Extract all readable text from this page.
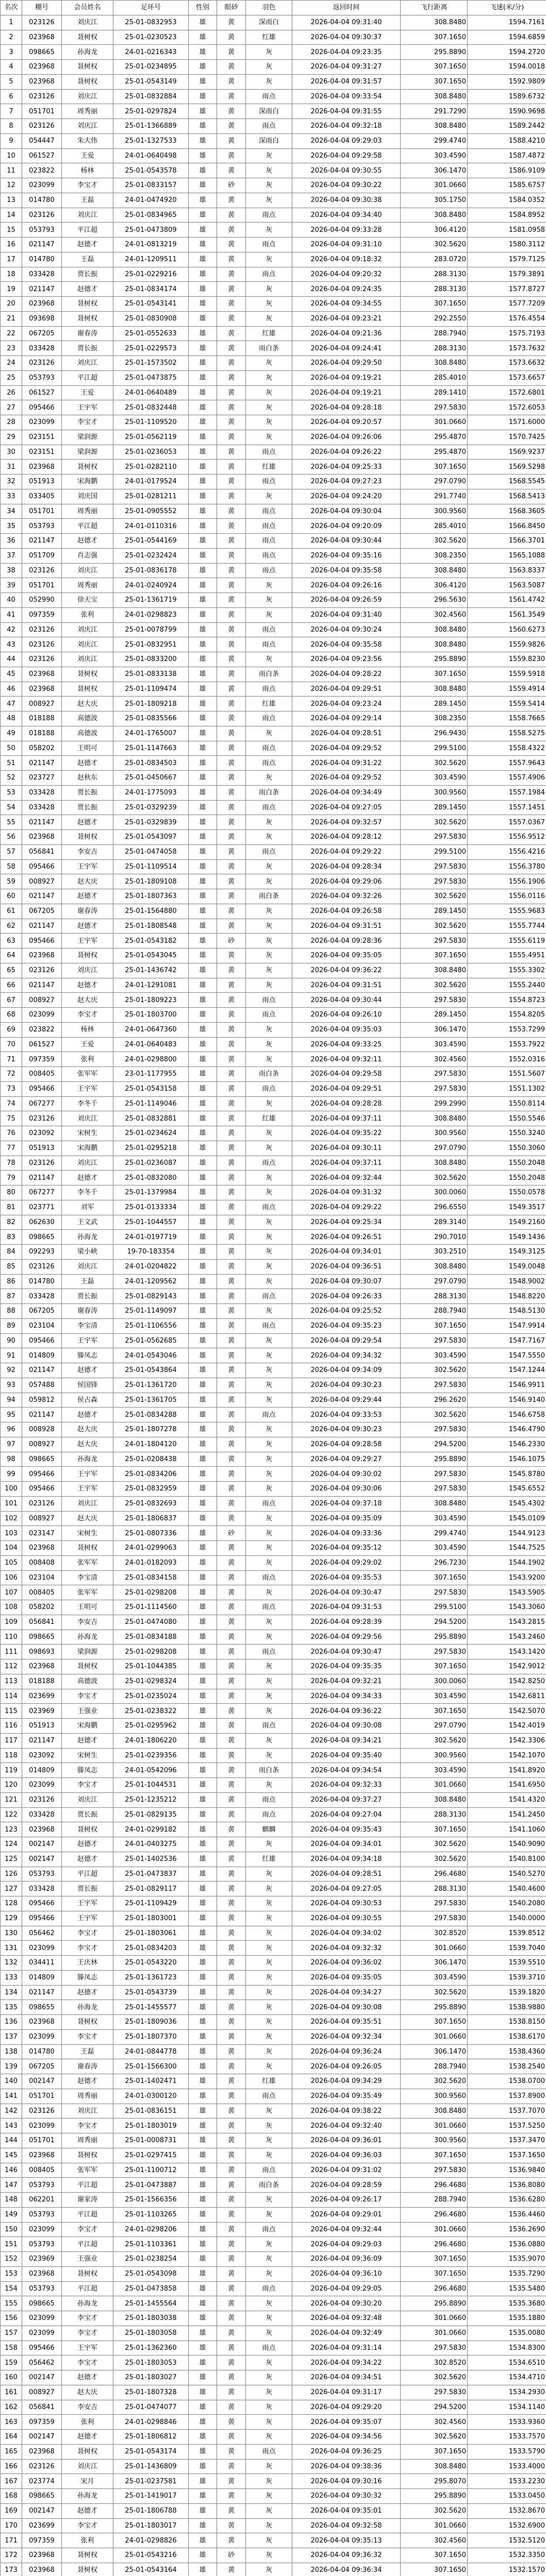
名次	棚号	会员姓名	足环号	性别	眼砂	羽色	返回时间	飞行距离	飞速(米/分)
1	023126	刘庆江	25-01-0832953	雄	黄	深雨白	2026-04-04 09:31:40	308.8480	1594.7161
2	023968	聂树权	25-01-0230523	雄	黄	红雄	2026-04-04 09:30:37	307.1650	1594.6859
3	098665	孙海龙	24-01-0216343	雄	黄	灰	2026-04-04 09:23:35	295.8890	1594.2720
4	023968	聂树权	25-01-0234895	雄	黄	灰	2026-04-04 09:31:27	307.1650	1594.0018
5	023968	聂树权	25-01-0543149	雄	黄	灰	2026-04-04 09:31:57	307.1650	1592.9809
6	023126	刘庆江	25-01-0832884	雄	黄	雨点	2026-04-04 09:33:54	308.8480	1589.6732
7	051701	周秀丽	25-01-0297824	雄	黄	深雨白	2026-04-04 09:31:55	291.7290	1590.9698
8	023126	刘庆江	25-01-1366889	雄	黄	雨点	2026-04-04 09:32:18	308.8480	1589.2442
9	054447	朱大伟	25-01-1327533	雄	黄	深雨白	2026-04-04 09:29:03	299.4740	1588.4210
10	061527	王爱	24-01-0640498	雄	黄	灰	2026-04-04 09:29:58	303.4590	1587.4872
11	023822	杨林	25-01-0543578	雄	黄	灰	2026-04-04 09:30:55	306.1470	1586.9109
12	023099	李宝才	25-01-0833157	雄	砂	灰	2026-04-04 09:30:22	301.0660	1585.6757
13	014780	王磊	24-01-0474920	雄	黄	灰	2026-04-04 09:30:38	305.1750	1584.0352
14	023126	刘庆江	25-01-0834965	雄	黄	雨点	2026-04-04 09:34:40	308.8480	1584.8952
15	053793	平江超	25-01-0473809	雄	黄	灰	2026-04-04 09:33:28	306.4120	1581.0958
16	021147	赵德才	24-01-0813219	雄	黄	雨点	2026-04-04 09:31:10	302.5620	1580.3112
17	014780	王磊	24-01-1209511	雄	黄	灰	2026-04-04 09:18:32	283.0720	1579.7125
18	033428	贾长振	25-01-0229216	雄	黄	雨点	2026-04-04 09:20:32	288.3130	1579.3891
19	021147	赵德才	25-01-0834174	雄	黄	灰	2026-04-04 09:24:35	288.3130	1577.8727
20	023968	聂树权	25-01-0543141	雄	黄	灰	2026-04-04 09:34:55	307.1650	1577.7209
21	093698	聂树权	25-01-0830908	雄	黄	灰	2026-04-04 09:23:21	292.2550	1576.4554
22	067205	谢春涛	25-01-0552633	雄	黄	红雄	2026-04-04 09:21:36	288.7940	1575.7193
23	033428	贾长振	25-01-0229573	雄	黄	雨白条	2026-04-04 09:24:41	288.3130	1573.7632
24	023126	刘庆江	25-01-1573502	雄	黄	灰	2026-04-04 09:29:50	308.8480	1573.6632
25	053793	平江超	25-01-0473875	雄	黄	灰	2026-04-04 09:19:21	285.4010	1573.6657
26	061527	王爱	24-01-0640489	雄	黄	灰	2026-04-04 09:19:21	289.1410	1572.6801
27	095466	王宇军	25-01-0832448	雄	黄	灰	2026-04-04 09:28:18	297.5830	1572.6053
28	023099	李宝才	25-01-1109520	雄	黄	灰	2026-04-04 09:20:57	301.0660	1571.6000
29	023151	梁润源	25-01-0562119	雄	黄	灰	2026-04-04 09:26:06	295.4870	1570.7425
30	023151	梁润源	25-01-0236053	雄	黄	雨点	2026-04-04 09:26:22	295.4870	1569.9237
31	023968	聂树权	25-01-0282110	雄	黄	红雄	2026-04-04 09:25:33	307.1650	1569.5298
32	051913	宋海鹏	24-01-0179524	雄	黄	雨点	2026-04-04 09:27:23	297.0790	1568.5545
33	033405	刘庆国	25-01-0281211	雄	黄	灰	2026-04-04 09:24:20	291.7740	1568.5413
34	051701	周秀丽	25-01-0905552	雄	黄	雨点	2026-04-04 09:30:04	300.9560	1568.3605
35	053793	平江超	24-01-0110316	雄	黄	雨点	2026-04-04 09:20:09	285.4010	1566.8450
36	021147	赵德才	25-01-0544169	雄	黄	雨点	2026-04-04 09:30:44	302.5620	1566.3701
37	051709	肖志强	25-01-0232424	雄	黄	雨点	2026-04-04 09:35:16	308.2350	1565.1088
38	023126	刘庆江	25-01-0836178	雄	黄	雨点	2026-04-04 09:35:58	308.8480	1563.8337
39	051701	周秀丽	24-01-0240924	雄	黄	灰	2026-04-04 09:26:16	306.4120	1563.5087
40	052990	徐天宝	25-01-1361719	雄	黄	灰	2026-04-04 09:26:59	296.5630	1561.4742
41	097359	张利	24-01-0298823	雄	黄	灰	2026-04-04 09:31:40	302.4560	1561.3549
42	023126	刘庆江	25-01-0078799	雄	黄	雨点	2026-04-04 09:30:24	308.8480	1560.6273
43	023126	刘庆江	25-01-0832951	雄	黄	雨点	2026-04-04 09:35:58	308.8480	1559.9826
44	023126	刘庆江	25-01-0833200	雄	黄	灰	2026-04-04 09:23:56	295.8890	1559.8230
45	023968	聂树权	25-01-0833138	雄	黄	雨白条	2026-04-04 09:28:22	307.1650	1559.5918
46	023968	聂树权	25-01-1109474	雄	黄	雨点	2026-04-04 09:29:51	308.8480	1559.4914
47	008927	赵大庆	25-01-1809218	雄	黄	红雄	2026-04-04 09:23:24	289.1450	1559.5414
48	018188	高德波	25-01-0835566	雄	黄	雨点	2026-04-04 09:29:14	308.2350	1558.7665
49	018188	高德波	24-01-1765007	雄	黄	灰	2026-04-04 09:28:51	296.9430	1558.5275
50	058202	王明可	25-01-1147663	雄	黄	雨点	2026-04-04 09:29:52	299.5100	1558.4322
51	021147	赵德才	25-01-0834503	雄	黄	雨点	2026-04-04 09:31:22	302.5620	1557.9643
52	023727	赵秋东	25-01-0450667	雄	黄	灰	2026-04-04 09:29:52	303.4590	1557.4906
53	033428	贾长振	24-01-1775093	雄	黄	雨白条	2026-04-04 09:34:49	300.9560	1557.1984
54	033428	贾长振	25-01-0329239	雄	黄	雨点	2026-04-04 09:27:05	289.1450	1557.1451
55	021147	赵德才	25-01-0329839	雄	黄	灰	2026-04-04 09:32:57	302.5620	1557.0367
56	023968	聂树权	25-01-0543097	雄	黄	灰	2026-04-04 09:28:12	297.5830	1556.9512
57	056841	李安吉	25-01-0474058	雄	黄	雨点	2026-04-04 09:29:22	299.5100	1556.4216
58	095466	王宇军	25-01-1109514	雄	黄	灰	2026-04-04 09:28:34	297.5830	1556.3780
59	008927	赵大庆	25-01-1809108	雄	黄	灰	2026-04-04 09:29:06	297.5830	1556.1906
60	021147	赵德才	25-01-1807363	雄	黄	雨白条	2026-04-04 09:32:26	302.5620	1556.0116
61	067205	谢春涛	25-01-1564880	雄	黄	灰	2026-04-04 09:26:58	289.1450	1555.9683
62	021147	赵德才	25-01-1808548	雄	黄	灰	2026-04-04 09:31:51	302.5620	1555.7744
63	095466	王宇军	25-01-0543182	雄	砂	灰	2026-04-04 09:28:36	297.5830	1555.6119
64	023968	聂树权	25-01-0543045	雄	黄	灰	2026-04-04 09:35:05	307.1650	1555.4951
65	023126	刘庆江	25-01-1436742	雄	黄	灰	2026-04-04 09:36:22	308.8480	1555.3302
66	021147	赵德才	24-01-1291081	雄	黄	灰	2026-04-04 09:31:51	302.5620	1555.2440
67	008927	赵大庆	25-01-1809223	雄	黄	雨点	2026-04-04 09:30:44	297.5830	1554.8723
68	023099	李宝才	25-01-1803700	雄	黄	雨点	2026-04-04 09:26:10	289.1450	1554.8205
69	023822	杨林	24-01-0647360	雄	黄	灰	2026-04-04 09:35:03	306.1470	1553.7299
70	061527	王爱	24-01-0640483	雄	黄	灰	2026-04-04 09:33:25	303.4590	1553.7922
71	097359	张利	24-01-0298800	雄	黄	灰	2026-04-04 09:32:11	302.4560	1552.0316
72	008405	张军军	23-01-1177955	雄	黄	雨白条	2026-04-04 09:29:58	297.5830	1551.5607
73	095466	王宇军	25-01-0543158	雄	黄	雨点	2026-04-04 09:29:51	297.5830	1551.1302
74	067277	李冬千	25-01-1149046	雄	黄	灰	2026-04-04 09:28:28	299.2990	1550.8114
75	023126	刘庆江	25-01-0832881	雄	黄	红雄	2026-04-04 09:37:11	308.8480	1550.5546
76	023092	宋树生	25-01-0234624	雄	黄	灰	2026-04-04 09:35:22	300.9560	1550.3240
77	051913	宋海鹏	25-01-0295218	雄	黄	灰	2026-04-04 09:30:11	297.0790	1550.3060
78	023126	刘庆江	25-01-0236087	雄	黄	雨点	2026-04-04 09:37:11	308.8480	1550.2048
79	021147	赵德才	25-01-0832080	雄	黄	灰	2026-04-04 09:32:44	302.5620	1550.2048
80	067277	李冬千	25-01-1379984	雄	黄	灰	2026-04-04 09:31:32	300.0060	1550.0578
81	023771	刘军	25-01-0133334	雄	黄	雨点	2026-04-04 09:29:22	296.6550	1549.3517
82	062630	王文武	25-01-1044557	雄	黄	灰	2026-04-04 09:25:34	289.3140	1549.2160
83	098665	孙海龙	24-01-0197719	雄	黄	灰	2026-04-04 09:26:51	290.7010	1549.1436
84	092293	梁小峡	19-70-183354	雄	黄	灰	2026-04-04 09:34:01	303.2510	1549.3125
85	023126	刘庆江	24-01-0204822	雄	黄	灰	2026-04-04 09:36:51	308.8480	1549.0048
86	014780	王磊	24-01-1209562	雄	黄	灰	2026-04-04 09:30:07	297.0790	1548.9002
87	033428	贾长振	25-01-0829143	雄	黄	雨点	2026-04-04 09:26:33	288.3130	1548.8220
88	067205	谢春涛	25-01-1149097	雄	黄	灰	2026-04-04 09:25:52	288.7940	1548.5130
89	023104	李宝清	25-01-1106556	雄	黄	雨点	2026-04-04 09:35:23	307.1650	1547.9914
90	095466	王宇军	25-01-0562685	雄	黄	灰	2026-04-04 09:29:54	297.5830	1547.7167
91	014809	滕凤志	24-01-0543046	雄	黄	灰	2026-04-04 09:34:32	303.4590	1547.5550
92	021147	赵德才	25-01-0543864	雄	黄	灰	2026-04-04 09:34:09	302.5620	1547.1244
93	057488	侯国锋	25-01-1361720	雄	黄	灰	2026-04-04 09:30:23	297.5830	1546.9911
94	059812	侯占森	25-01-1361705	雄	黄	灰	2026-04-04 09:29:44	296.2620	1546.9140
95	021147	赵德才	25-01-0834288	雄	黄	雨点	2026-04-04 09:33:53	302.5620	1546.6758
96	008928	赵大庆	25-01-1807278	雄	黄	灰	2026-04-04 09:30:23	297.5830	1546.4790
97	008927	赵大庆	24-01-1804120	雄	黄	灰	2026-04-04 09:28:58	294.5200	1546.2330
98	098665	孙海龙	25-01-0208438	雄	黄	灰	2026-04-04 09:29:27	295.8890	1546.1075
99	095466	王宇军	25-01-0834206	雄	黄	灰	2026-04-04 09:30:02	297.5830	1545.8780
100	095466	王宇军	25-01-0832959	雄	黄	灰	2026-04-04 09:30:06	297.5830	1545.6552
101	023126	刘庆江	25-01-0832693	雄	黄	雨点	2026-04-04 09:37:18	308.8480	1545.4302
102	008927	赵大庆	25-01-1806837	雄	黄	灰	2026-04-04 09:35:09	303.4590	1545.0109
103	023147	宋树生	25-01-0807336	雄	砂	灰	2026-04-04 09:33:36	299.4740	1544.9123
104	023968	聂树权	24-01-0299063	雄	黄	灰	2026-04-04 09:35:12	303.4590	1544.7525
105	008408	张军军	24-01-0182093	雄	黄	灰	2026-04-04 09:29:02	296.7230	1544.1902
106	023104	李宝清	25-01-0834158	雄	黄	雨点	2026-04-04 09:35:53	307.1650	1543.9200
107	008405	张军军	25-01-0298208	雄	黄	灰	2026-04-04 09:30:47	297.5830	1543.5905
108	058202	王明可	25-01-1114560	雄	黄	雨点	2026-04-04 09:31:53	299.5100	1543.3060
109	056841	李安吉	25-01-0474080	雄	黄	灰	2026-04-04 09:28:39	294.5200	1543.2815
110	098665	孙海龙	25-01-0834188	雄	黄	灰	2026-04-04 09:29:56	295.8890	1543.2460
111	098693	梁润源	25-01-0298208	雄	黄	雨点	2026-04-04 09:30:47	297.5830	1543.1420
112	023968	聂树权	25-01-1044385	雄	黄	灰	2026-04-04 09:35:35	307.1650	1542.9012
113	018188	高德波	25-01-0298324	雄	黄	灰	2026-04-04 09:32:21	300.0060	1542.8250
114	023699	李宝才	25-01-0235024	雄	黄	灰	2026-04-04 09:34:33	303.4590	1542.6811
115	023969	王强业	25-01-0238322	雄	黄	灰	2026-04-04 09:36:22	307.1650	1542.5070
116	051913	宋海鹏	25-01-0295962	雄	黄	雨点	2026-04-04 09:30:08	297.0790	1542.4019
117	021147	赵德才	24-01-1806220	雄	黄	灰	2026-04-04 09:34:21	302.5620	1542.3306
118	023092	宋树生	25-01-0239356	雄	黄	灰	2026-04-04 09:35:40	300.9560	1542.1070
119	014809	滕凤志	24-01-0542096	雄	黄	雨白条	2026-04-04 09:34:54	303.4590	1541.8920
120	023099	李宝才	25-01-1044531	雄	黄	灰	2026-04-04 09:32:33	301.0660	1541.6950
121	023126	刘庆江	25-01-1235212	雄	黄	雨点	2026-04-04 09:37:27	308.8480	1541.4320
122	033428	贾长振	25-01-0829135	雄	黄	雨点	2026-04-04 09:27:04	288.3130	1541.2450
123	023968	聂树权	24-01-0299182	雄	黄	麒麟	2026-04-04 09:35:43	307.1650	1541.1060
124	002147	赵德才	24-01-0403275	雄	黄	灰	2026-04-04 09:34:01	302.5620	1540.9090
125	002147	赵德才	25-01-1402536	雄	黄	红雄	2026-04-04 09:34:18	302.5620	1540.8100
126	053793	平江超	25-01-0473837	雄	黄	灰	2026-04-04 09:28:51	296.4680	1540.5270
127	033428	贾长振	25-01-0829117	雄	黄	灰	2026-04-04 09:27:05	288.3130	1540.4600
128	095466	王宇军	25-01-1109429	雄	黄	灰	2026-04-04 09:30:53	297.5830	1540.2080
129	095466	王宇军	25-01-1803001	雄	黄	灰	2026-04-04 09:30:55	297.5830	1540.0000
130	056462	李宝才	25-01-1803061	雄	黄	灰	2026-04-04 09:34:02	302.8520	1539.8512
131	023099	李宝才	25-01-0834203	雄	黄	灰	2026-04-04 09:32:32	301.0660	1539.7040
132	034411	王庆林	25-01-0543220	雄	黄	灰	2026-04-04 09:36:02	306.1470	1539.5510
133	014809	滕凤志	25-01-1361723	雄	黄	灰	2026-04-04 09:35:05	303.4590	1539.3710
134	021147	赵德才	25-01-0543739	雄	黄	灰	2026-04-04 09:34:27	302.5620	1539.1820
135	098655	孙海龙	25-01-1455577	雄	黄	灰	2026-04-04 09:30:08	295.8890	1538.9880
136	023968	聂树权	25-01-1809036	雄	黄	灰	2026-04-04 09:35:51	307.1650	1538.8150
137	023099	李宝才	25-01-1807370	雄	黄	灰	2026-04-04 09:32:34	301.0660	1538.6170
138	014780	王磊	24-01-0844778	雄	黄	灰	2026-04-04 09:36:24	306.1470	1538.4360
139	067205	谢春涛	25-01-1566300	雄	黄	灰	2026-04-04 09:26:05	288.7940	1538.2540
140	002147	赵德才	25-01-1402471	雄	黄	红雄	2026-04-04 09:34:29	302.5620	1538.0700
141	051701	周秀丽	24-01-0300120	雄	黄	雨点	2026-04-04 09:35:49	300.9560	1537.8900
142	023126	刘庆江	25-01-0836151	雄	黄	灰	2026-04-04 09:38:22	308.8480	1537.7070
143	023099	李宝才	25-01-1803019	雄	黄	灰	2026-04-04 09:32:40	301.0660	1537.5250
144	051701	周秀丽	25-01-0008731	雄	黄	灰	2026-04-04 09:36:01	300.9560	1537.3470
145	023968	聂树权	25-01-0297415	雄	黄	灰	2026-04-04 09:36:03	307.1650	1537.1650
146	008405	张军军	25-01-1100712	雄	黄	雨点	2026-04-04 09:31:02	297.5830	1536.9840
147	053793	平江超	25-01-0473887	雄	黄	雨白条	2026-04-04 09:28:59	296.4680	1536.8080
148	062201	谢家涛	25-01-1566356	雄	黄	灰	2026-04-04 09:26:17	288.7940	1536.6280
149	053793	平江超	25-01-1103265	雄	黄	灰	2026-04-04 09:29:01	296.4680	1536.4460
150	023099	李宝才	24-01-0298206	雄	黄	雨点	2026-04-04 09:32:44	301.0660	1536.2690
151	053793	平江超	25-01-1103361	雄	黄	灰	2026-04-04 09:29:03	296.4680	1536.0880
152	023969	王强业	25-01-0238254	雄	黄	灰	2026-04-04 09:36:09	307.1650	1535.9070
153	023968	聂树权	25-01-0543098	雄	黄	灰	2026-04-04 09:36:10	307.1650	1535.7290
154	053793	平江超	25-01-0473858	雄	黄	雨点	2026-04-04 09:29:05	296.4680	1535.5480
155	098665	孙海龙	25-01-1455564	雄	黄	灰	2026-04-04 09:30:20	295.8890	1535.3680
156	023099	李宝才	25-01-1803038	雄	黄	灰	2026-04-04 09:32:48	301.0660	1535.1880
157	023099	李宝才	25-01-1803058	雄	黄	灰	2026-04-04 09:32:49	301.0660	1535.0080
158	095466	王宇军	25-01-1362360	雄	黄	雨点	2026-04-04 09:31:14	297.5830	1534.8300
159	056462	李宝才	25-01-1803053	雄	黄	灰	2026-04-04 09:34:22	302.8520	1534.6510
160	002147	赵德才	25-01-1803027	雄	黄	灰	2026-04-04 09:34:51	302.5620	1534.4710
161	008927	赵大庆	25-01-1807328	雄	黄	灰	2026-04-04 09:31:17	297.5830	1534.2930
162	056841	李安吉	25-01-0474077	雄	黄	灰	2026-04-04 09:29:20	294.5200	1534.1140
163	097359	张利	24-01-0298846	雄	黄	灰	2026-04-04 09:35:07	302.4560	1533.9360
164	002147	赵德才	25-01-1806812	雄	黄	灰	2026-04-04 09:34:56	302.5620	1533.7570
165	023968	聂树权	25-01-0543174	雄	黄	雨点	2026-04-04 09:36:25	307.1650	1533.5790
166	023126	刘庆江	25-01-1436809	雄	黄	灰	2026-04-04 09:38:36	308.8480	1533.4000
167	023774	宋月	25-01-0237581	雄	黄	灰	2026-04-04 09:30:16	295.8070	1533.2230
168	098665	孙海龙	25-01-1419017	雄	黄	灰	2026-04-04 09:30:32	295.8890	1533.0450
169	002147	赵德才	25-01-1806788	雄	黄	灰	2026-04-04 09:35:01	302.5620	1532.8670
170	023699	李宝才	25-01-1803017	雄	黄	灰	2026-04-04 09:32:58	301.0660	1532.6900
171	097359	张利	24-01-0298826	雄	黄	灰	2026-04-04 09:35:13	302.4560	1532.5120
172	023968	聂树权	25-01-0543216	雄	砂	灰	2026-04-04 09:36:32	307.1650	1532.3350
173	023968	聂树权	25-01-0543164	雄	黄	灰	2026-04-04 09:36:34	307.1650	1532.1570
